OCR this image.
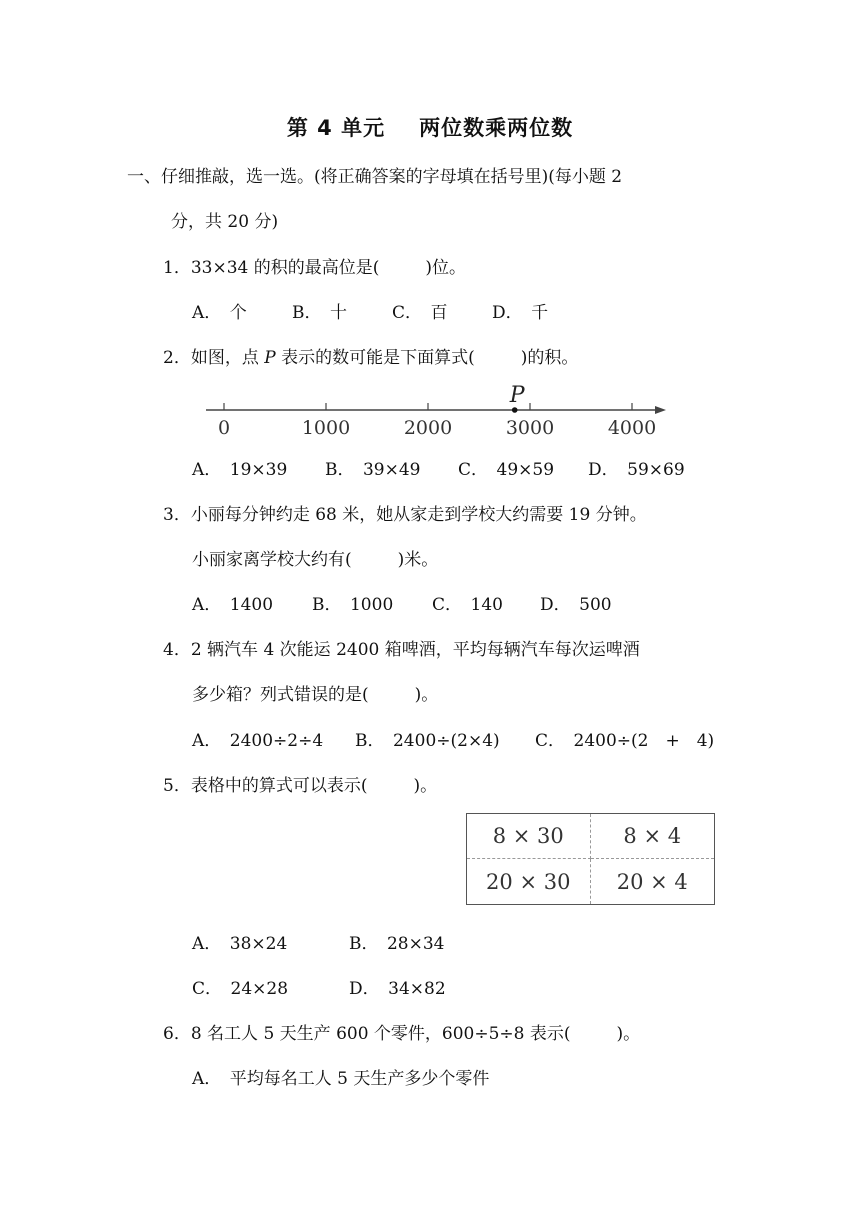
第 4 单元 两位数乘两位数
一、仔细推敲，选一选。(将正确答案的字母填在括号里)(每小题 2
分，共 20 分)
1．33×34 的积的最高位是(	)位。
A．　个	B．　十	C．　百	D．　千
2．如图，点 P 表示的数可能是下面算式(	)的积。
0	1000	2000	3000	4000
P
A．　19×39 B．　39×49 C．　49×59 D．　59×69
3．小丽每分钟约走 68 米，她从家走到学校大约需要 19 分钟。
小丽家离学校大约有(	)米。
A．　1400 B．　1000 C．　140 D．　500
4．2 辆汽车 4 次能运 2400 箱啤酒，平均每辆汽车每次运啤酒
多少箱？列式错误的是(	)。
A．　2400÷2÷4 B．　2400÷(2×4) C．　2400÷(2　+　4)
5．表格中的算式可以表示(	)。
8 × 30	8 × 4
20 × 30	20 × 4
A．　38×24	B．　28×34
C．　24×28	D．　34×82
6．8 名工人 5 天生产 600 个零件，600÷5÷8 表示(	)。
A．　平均每名工人 5 天生产多少个零件
